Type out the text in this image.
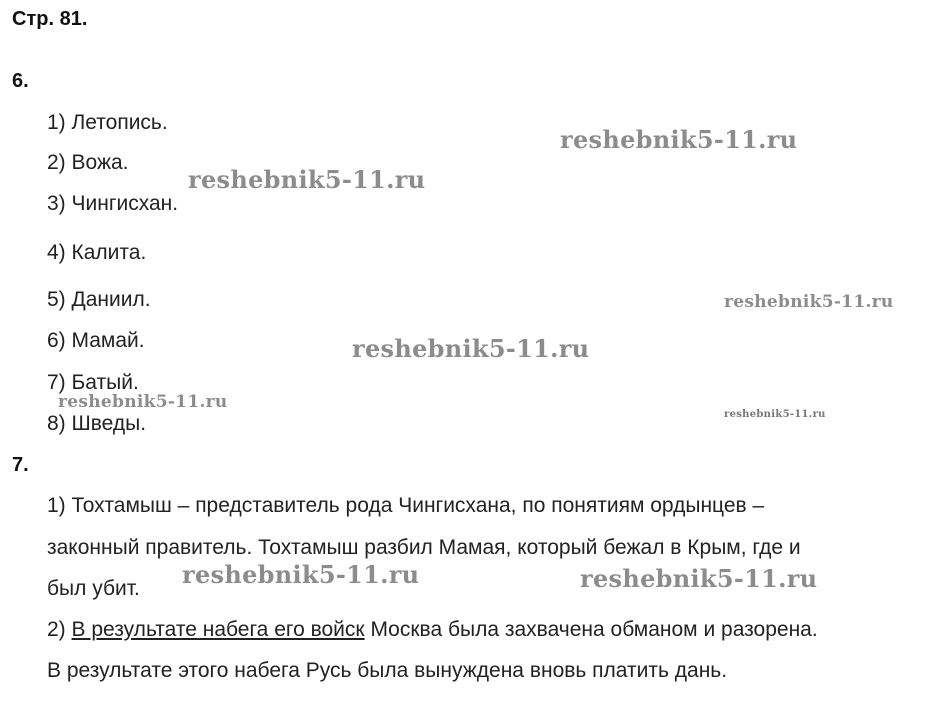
Стр. 81.
6.
1) Летопись.
2) Вожа.
3) Чингисхан.
4) Калита.
5) Даниил.
6) Мамай.
7) Батый.
8) Шведы.
7.
1) Тохтамыш – представитель рода Чингисхана, по понятиям ордынцев –
законный правитель. Тохтамыш разбил Мамая, который бежал в Крым, где и
был убит.
2) В результате набега его войск Москва была захвачена обманом и разорена.
В результате этого набега Русь была вынуждена вновь платить дань.
reshebnik5-11.ru
reshebnik5-11.ru
reshebnik5-11.ru
reshebnik5-11.ru
reshebnik5-11.ru
reshebnik5-11.ru
reshebnik5-11.ru	reshebnik5-11.ru
